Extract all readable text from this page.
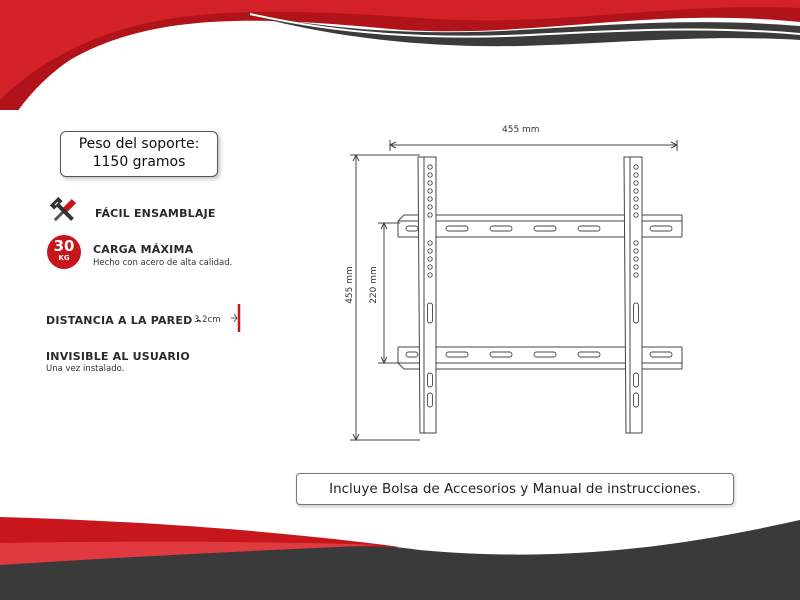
Peso del soporte:
1150 gramos
FÁCIL ENSAMBLAJE
30
KG
CARGA MÁXIMA
Hecho con acero de alta calidad.
DISTANCIA A LA PARED -
3.2cm
INVISIBLE AL USUARIO
Una vez instalado.
455 mm
455 mm 220 mm
Incluye Bolsa de Accesorios y Manual de instrucciones.
